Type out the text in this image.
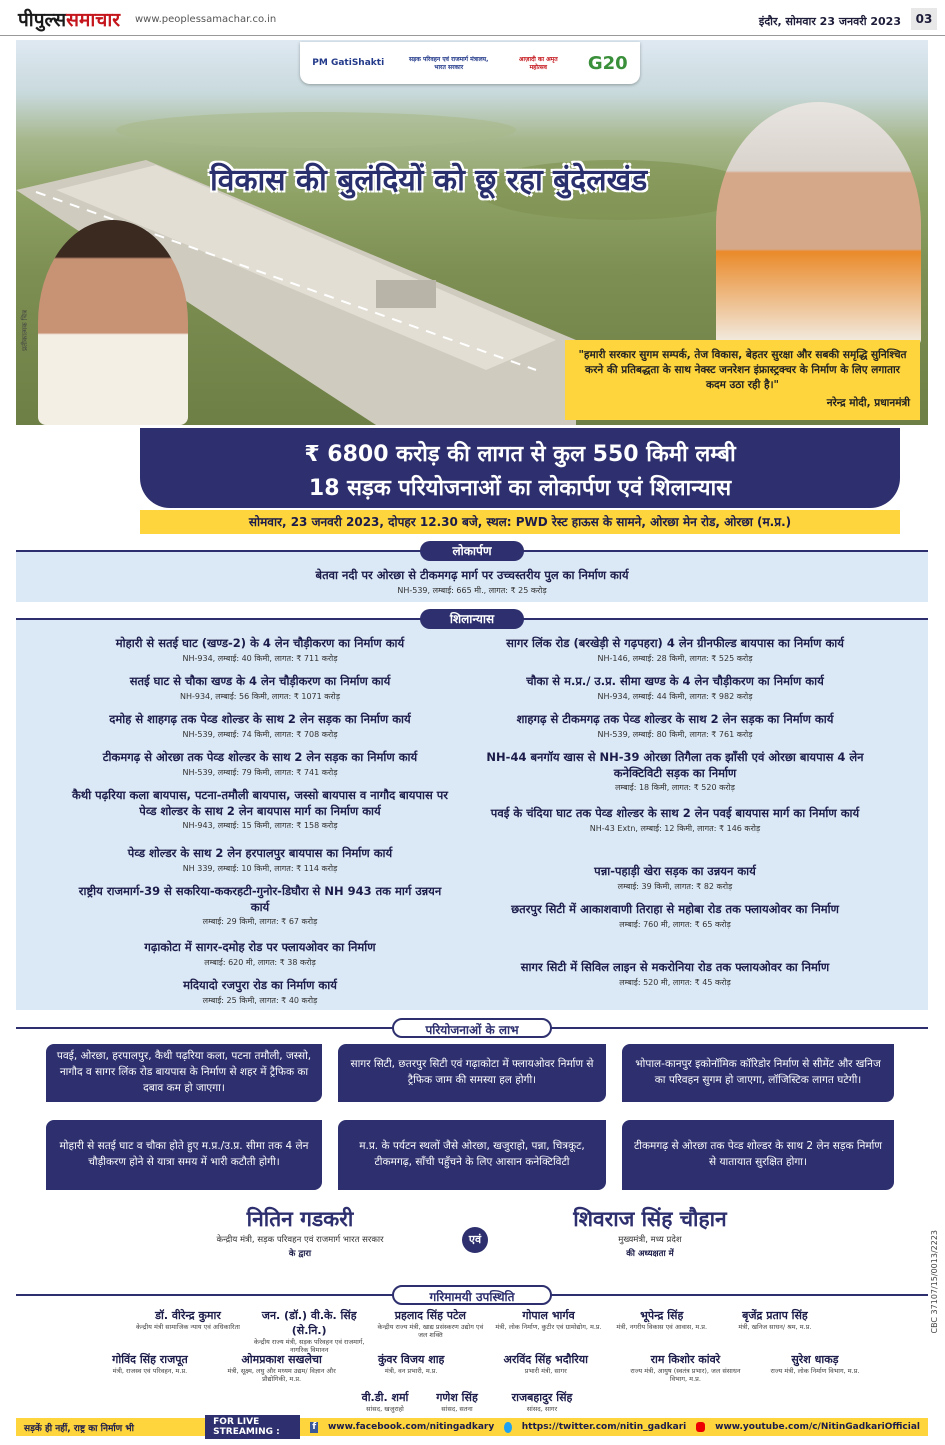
पीपुल्ससमाचार www.peoplessamachar.co.in	इंदौर, सोमवार 23 जनवरी 2023	03
PM GatiShakti	सड़क परिवहन एवं राजमार्ग मंत्रालय, भारत सरकार
आज़ादी का अमृत महोत्सव	G20
विकास की बुलंदियों को छू रहा बुंदेलखंड
प्रतीकात्मक चित्र
"हमारी सरकार सुगम सम्पर्क, तेज विकास, बेहतर सुरक्षा और सबकी समृद्धि सुनिश्चित करने की प्रतिबद्धता के साथ नेक्स्ट जनरेशन इंफ्रास्ट्रक्चर के निर्माण के लिए लगातार कदम उठा रही है।"
नरेन्द्र मोदी, प्रधानमंत्री
₹ 6800 करोड़ की लागत से कुल 550 किमी लम्बी
18 सड़क परियोजनाओं का लोकार्पण एवं शिलान्यास
सोमवार, 23 जनवरी 2023, दोपहर 12.30 बजे, स्थल: PWD रेस्ट हाऊस के सामने, ओरछा मेन रोड, ओरछा (म.प्र.)
लोकार्पण
बेतवा नदी पर ओरछा से टीकमगढ़ मार्ग पर उच्चस्तरीय पुल का निर्माण कार्य
NH-539, लम्बाई: 665 मी., लागत: ₹ 25 करोड़
शिलान्यास
मोहारी से सतई घाट (खण्ड-2) के 4 लेन चौड़ीकरण का निर्माण कार्य
NH-934, लम्बाई: 40 किमी, लागत: ₹ 711 करोड़
सतई घाट से चौका खण्ड के 4 लेन चौड़ीकरण का निर्माण कार्य
NH-934, लम्बाई: 56 किमी, लागत: ₹ 1071 करोड़
दमोह से शाहगढ़ तक पेव्ड शोल्डर के साथ 2 लेन सड़क का निर्माण कार्य
NH-539, लम्बाई: 74 किमी, लागत: ₹ 708 करोड़
टीकमगढ़ से ओरछा तक पेव्ड शोल्डर के साथ 2 लेन सड़क का निर्माण कार्य
NH-539, लम्बाई: 79 किमी, लागत: ₹ 741 करोड़
कैथी पढ़रिया कला बायपास, पटना-तमौली बायपास, जस्सो बायपास व नागौद बायपास पर पेव्ड शोल्डर के साथ 2 लेन बायपास मार्ग का निर्माण कार्य
NH-943, लम्बाई: 15 किमी, लागत: ₹ 158 करोड़
पेव्ड शोल्डर के साथ 2 लेन हरपालपुर बायपास का निर्माण कार्य
NH 339, लम्बाई: 10 किमी, लागत: ₹ 114 करोड़
राष्ट्रीय राजमार्ग-39 से सकरिया-ककरहटी-गुनोर-डिघौरा से NH 943 तक मार्ग उन्नयन कार्य
लम्बाई: 29 किमी, लागत: ₹ 67 करोड़
गढ़ाकोटा में सागर-दमोह रोड पर फ्लायओवर का निर्माण
लम्बाई: 620 मी, लागत: ₹ 38 करोड़
मदियादो रजपुरा रोड का निर्माण कार्य
लम्बाई: 25 किमी, लागत: ₹ 40 करोड़
सागर लिंक रोड (बरखेड़ी से गढ़पहरा) 4 लेन ग्रीनफील्ड बायपास का निर्माण कार्य
NH-146, लम्बाई: 28 किमी, लागत: ₹ 525 करोड़
चौका से म.प्र./ उ.प्र. सीमा खण्ड के 4 लेन चौड़ीकरण का निर्माण कार्य
NH-934, लम्बाई: 44 किमी, लागत: ₹ 982 करोड़
शाहगढ़ से टीकमगढ़ तक पेव्ड शोल्डर के साथ 2 लेन सड़क का निर्माण कार्य
NH-539, लम्बाई: 80 किमी, लागत: ₹ 761 करोड़
NH-44 बनगॉय खास से NH-39 ओरछा तिगैला तक झाँसी एवं ओरछा बायपास 4 लेन कनेक्टिविटी सड़क का निर्माण
लम्बाई: 18 किमी, लागत: ₹ 520 करोड़
पवई के चंदिया घाट तक पेव्ड शोल्डर के साथ 2 लेन पवई बायपास मार्ग का निर्माण कार्य
NH-43 Extn, लम्बाई: 12 किमी, लागत: ₹ 146 करोड़
पन्ना-पहाड़ी खेरा सड़क का उन्नयन कार्य
लम्बाई: 39 किमी, लागत: ₹ 82 करोड़
छतरपुर सिटी में आकाशवाणी तिराहा से महोबा रोड तक फ्लायओवर का निर्माण
लम्बाई: 760 मी, लागत: ₹ 65 करोड़
सागर सिटी में सिविल लाइन से मकरोनिया रोड तक फ्लायओवर का निर्माण
लम्बाई: 520 मी, लागत: ₹ 45 करोड़
परियोजनाओं के लाभ
पवई, ओरछा, हरपालपुर, कैथी पढ़रिया कला, पटना तमौली, जस्सो, नागौद व सागर लिंक रोड बायपास के निर्माण से शहर में ट्रैफिक का दबाव कम हो जाएगा।
सागर सिटी, छतरपुर सिटी एवं गढ़ाकोटा में फ्लायओवर निर्माण से ट्रैफिक जाम की समस्या हल होगी।
भोपाल-कानपुर इकोनॉमिक कॉरिडोर निर्माण से सीमेंट और खनिज का परिवहन सुगम हो जाएगा, लॉजिस्टिक लागत घटेगी।
मोहारी से सतई घाट व चौका होते हुए म.प्र./उ.प्र. सीमा तक 4 लेन चौड़ीकरण होने से यात्रा समय में भारी कटौती होगी।
म.प्र. के पर्यटन स्थलों जैसे ओरछा, खजुराहो, पन्ना, चित्रकूट, टीकमगढ़, साँची पहुँचने के लिए आसान कनेक्टिविटी
टीकमगढ़ से ओरछा तक पेव्ड शोल्डर के साथ 2 लेन सड़क निर्माण से यातायात सुरक्षित होगा।
नितिन गडकरी
केन्द्रीय मंत्री, सड़क परिवहन एवं राजमार्ग भारत सरकार
के द्वारा
एवं
शिवराज सिंह चौहान
मुख्यमंत्री, मध्य प्रदेश
की अध्यक्षता में
गरिमामयी उपस्थिति
डॉ. वीरेन्द्र कुमार
केन्द्रीय मंत्री सामाजिक न्याय एवं अधिकारिता
जन. (डॉ.) वी.के. सिंह (से.नि.)
केन्द्रीय राज्य मंत्री, सड़क परिवहन एवं राजमार्ग, नागरिक विमानन
प्रहलाद सिंह पटेल
केन्द्रीय राज्य मंत्री, खाद्य प्रसंस्करण उद्योग एवं जल शक्ति
गोपाल भार्गव
मंत्री, लोक निर्माण, कुटीर एवं ग्रामोद्योग, म.प्र.
भूपेन्द्र सिंह
मंत्री, नगरीय विकास एवं आवास, म.प्र.
बृजेंद्र प्रताप सिंह
मंत्री, खनिज साधन/ श्रम, म.प्र.
गोविंद सिंह राजपूत
मंत्री, राजस्व एवं परिवहन, म.प्र.
ओमप्रकाश सखलेचा
मंत्री, सूक्ष्म, लघु और मध्यम उद्यम/ विज्ञान और प्रौद्योगिकी, म.प्र.
कुंवर विजय शाह
मंत्री, वन प्रभारी, म.प्र.
अरविंद सिंह भदौरिया
प्रभारी मंत्री, सागर
राम किशोर कांवरे
राज्य मंत्री, आयुष (स्वतंत्र प्रभार), जल संसाधन विभाग, म.प्र.
सुरेश धाकड़
राज्य मंत्री, लोक निर्माण विभाग, म.प्र.
वी.डी. शर्मा
सांसद, खजुराहो
गणेश सिंह
सांसद, सतना
राजबहादुर सिंह
सांसद, सागर
CBC 37107/15/0013/2223
सड़कें ही नहीं, राष्ट्र का निर्माण भी
FOR LIVE STREAMING :
f www.facebook.com/nitingadkary	https://twitter.com/nitin_gadkari	www.youtube.com/c/NitinGadkariOfficial
